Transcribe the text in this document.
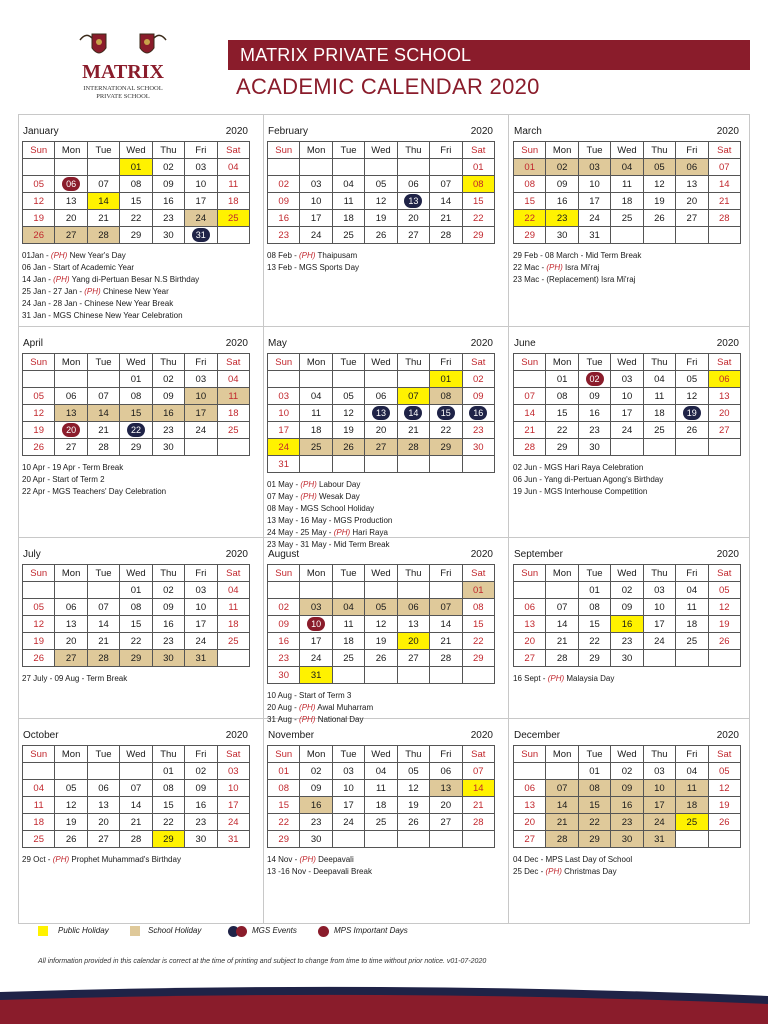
MATRIX
INTERNATIONAL SCHOOL
PRIVATE SCHOOL
MATRIX PRIVATE SCHOOL
ACADEMIC CALENDAR 2020
January	2020
Sun	Mon	Tue	Wed	Thu	Fri	Sat
			01	02	03	04
05	06	07	08	09	10	11
12	13	14	15	16	17	18
19	20	21	22	23	24	25
26	27	28	29	30	31	
01Jan - (PH) New Year's Day
06 Jan - Start of Academic Year
14 Jan - (PH) Yang di-Pertuan Besar N.S Birthday
25 Jan - 27 Jan - (PH) Chinese New Year
24 Jan - 28 Jan - Chinese New Year Break
31 Jan - MGS Chinese New Year Celebration
February	2020
Sun	Mon	Tue	Wed	Thu	Fri	Sat
						01
02	03	04	05	06	07	08
09	10	11	12	13	14	15
16	17	18	19	20	21	22
23	24	25	26	27	28	29
08 Feb - (PH) Thaipusam
13 Feb - MGS Sports Day
March	2020
Sun	Mon	Tue	Wed	Thu	Fri	Sat
01	02	03	04	05	06	07
08	09	10	11	12	13	14
15	16	17	18	19	20	21
22	23	24	25	26	27	28
29	30	31				
29 Feb - 08 March - Mid Term Break
22 Mac - (PH) Isra Mi'raj
23 Mac - (Replacement) Isra Mi'raj
April	2020
Sun	Mon	Tue	Wed	Thu	Fri	Sat
			01	02	03	04
05	06	07	08	09	10	11
12	13	14	15	16	17	18
19	20	21	22	23	24	25
26	27	28	29	30		
10 Apr - 19 Apr - Term Break
20 Apr - Start of Term 2
22 Apr - MGS Teachers' Day Celebration
May	2020
Sun	Mon	Tue	Wed	Thu	Fri	Sat
					01	02
03	04	05	06	07	08	09
10	11	12	13	14	15	16
17	18	19	20	21	22	23
24	25	26	27	28	29	30
31						
01 May - (PH) Labour Day
07 May - (PH) Wesak Day
08 May - MGS School Holiday
13 May - 16 May - MGS Production
24 May - 25 May - (PH) Hari Raya
23 May - 31 May - Mid Term Break
June	2020
Sun	Mon	Tue	Wed	Thu	Fri	Sat
	01	02	03	04	05	06
07	08	09	10	11	12	13
14	15	16	17	18	19	20
21	22	23	24	25	26	27
28	29	30				
02 Jun - MGS Hari Raya Celebration
06 Jun - Yang di-Pertuan Agong's Birthday
19 Jun - MGS Interhouse Competition
July	2020
Sun	Mon	Tue	Wed	Thu	Fri	Sat
			01	02	03	04
05	06	07	08	09	10	11
12	13	14	15	16	17	18
19	20	21	22	23	24	25
26	27	28	29	30	31	
27 July - 09 Aug - Term Break
August	2020
Sun	Mon	Tue	Wed	Thu	Fri	Sat
						01
02	03	04	05	06	07	08
09	10	11	12	13	14	15
16	17	18	19	20	21	22
23	24	25	26	27	28	29
30	31					
10 Aug - Start of Term 3
20 Aug - (PH) Awal Muharram
31 Aug - (PH) National Day
September	2020
Sun	Mon	Tue	Wed	Thu	Fri	Sat
		01	02	03	04	05
06	07	08	09	10	11	12
13	14	15	16	17	18	19
20	21	22	23	24	25	26
27	28	29	30			
16 Sept - (PH) Malaysia Day
October	2020
Sun	Mon	Tue	Wed	Thu	Fri	Sat
				01	02	03
04	05	06	07	08	09	10
11	12	13	14	15	16	17
18	19	20	21	22	23	24
25	26	27	28	29	30	31
29 Oct - (PH) Prophet Muhammad's Birthday
November	2020
Sun	Mon	Tue	Wed	Thu	Fri	Sat
01	02	03	04	05	06	07
08	09	10	11	12	13	14
15	16	17	18	19	20	21
22	23	24	25	26	27	28
29	30					
14 Nov - (PH) Deepavali
13 -16 Nov - Deepavali Break
December	2020
Sun	Mon	Tue	Wed	Thu	Fri	Sat
		01	02	03	04	05
06	07	08	09	10	11	12
13	14	15	16	17	18	19
20	21	22	23	24	25	26
27	28	29	30	31		
04 Dec - MPS Last Day of School
25 Dec - (PH) Christmas Day
Public Holiday	School Holiday	MGS Events	MPS Important Days
All information provided in this calendar is correct at the time of printing and subject to change from time to time without prior notice. v01-07-2020
